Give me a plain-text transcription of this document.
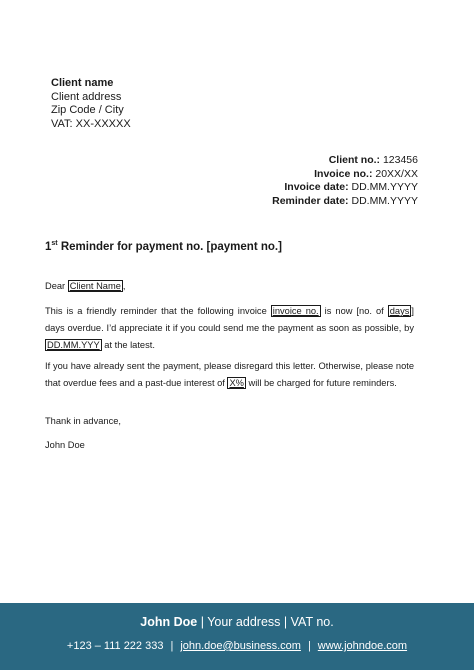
Client name
Client address
Zip Code / City
VAT: XX-XXXXX
Client no.: 123456
Invoice no.: 20XX/XX
Invoice date: DD.MM.YYYY
Reminder date: DD.MM.YYYY
1st Reminder for payment no. [payment no.]
Dear Client Name ,
This is a friendly reminder that the following invoice invoice no. is now [no. of days ] days overdue. I’d appreciate it if you could send me the payment as soon as possible, by DD.MM.YYY at the latest.
If you have already sent the payment, please disregard this letter. Otherwise, please note that overdue fees and a past-due interest of X% will be charged for future reminders.
Thank in advance,
John Doe
John Doe | Your address | VAT no.
+123 – 111 222 333 | john.doe@business.com | www.johndoe.com
